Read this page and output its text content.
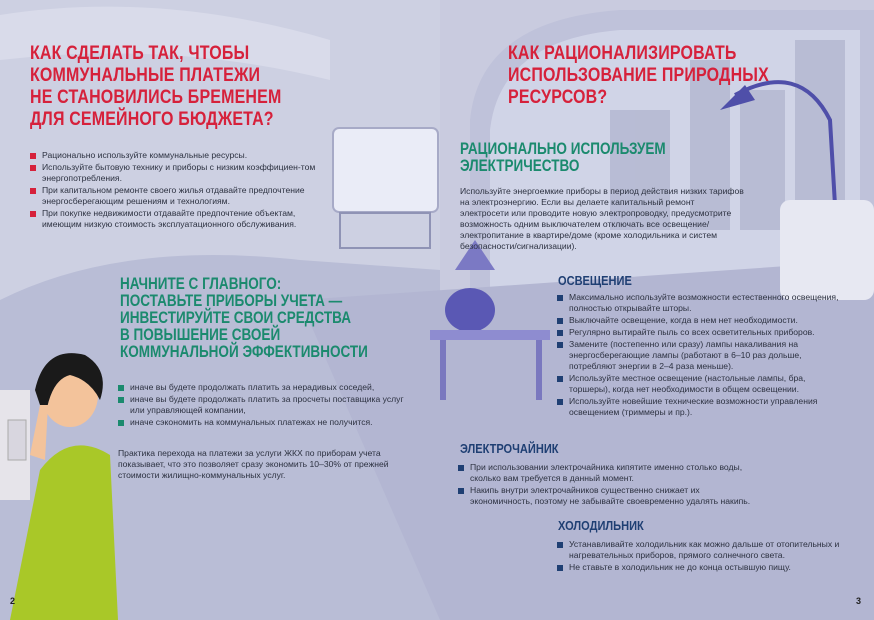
КАК СДЕЛАТЬ ТАК, ЧТОБЫ
КОММУНАЛЬНЫЕ ПЛАТЕЖИ
НЕ СТАНОВИЛИСЬ БРЕМЕНЕМ
ДЛЯ СЕМЕЙНОГО БЮДЖЕТА?
Рационально используйте коммунальные ресурсы.
Используйте бытовую технику и приборы с низким коэффициен-том энергопотребления.
При капитальном ремонте своего жилья отдавайте предпочтение энергосберегающим решениям и технологиям.
При покупке недвижимости отдавайте предпочтение объектам, имеющим низкую стоимость эксплуатационного обслуживания.
НАЧНИТЕ С ГЛАВНОГО:
ПОСТАВЬТЕ ПРИБОРЫ УЧЕТА —
ИНВЕСТИРУЙТЕ СВОИ СРЕДСТВА
В ПОВЫШЕНИЕ СВОЕЙ
КОММУНАЛЬНОЙ ЭФФЕКТИВНОСТИ
иначе вы будете продолжать платить за нерадивых соседей,
иначе вы будете продолжать платить за просчеты поставщика услуг или управляющей компании,
иначе сэкономить на коммунальных платежах не получится.
Практика перехода на платежи за услуги ЖКХ по приборам учета показывает, что это позволяет сразу экономить 10–30% от прежней стоимости жилищно-коммунальных услуг.
2
КАК РАЦИОНАЛИЗИРОВАТЬ
ИСПОЛЬЗОВАНИЕ ПРИРОДНЫХ
РЕСУРСОВ?
РАЦИОНАЛЬНО ИСПОЛЬЗУЕМ
ЭЛЕКТРИЧЕСТВО
Используйте энергоемкие приборы в период действия низких тарифов на электроэнергию. Если вы делаете капитальный ремонт электросети или проводите новую электропроводку, предусмотрите возможность одним выключателем отключать все освещение/электропитание в квартире/доме (кроме холодильника и систем безопасности/сигнализации).
ОСВЕЩЕНИЕ
Максимально используйте возможности естественного освещения, полностью открывайте шторы.
Выключайте освещение, когда в нем нет необходимости.
Регулярно вытирайте пыль со всех осветительных приборов.
Замените (постепенно или сразу) лампы накаливания на энергосберегающие лампы (работают в 6–10 раз дольше, потребляют энергии в 2–4 раза меньше).
Используйте местное освещение (настольные лампы, бра, торшеры), когда нет необходимости в общем освещении.
Используйте новейшие технические возможности управления освещением (триммеры и пр.).
ЭЛЕКТРОЧАЙНИК
При использовании электрочайника кипятите именно столько воды, сколько вам требуется в данный момент.
Накипь внутри электрочайников существенно снижает их экономичность, поэтому не забывайте своевременно удалять накипь.
ХОЛОДИЛЬНИК
Устанавливайте холодильник как можно дальше от отопительных и нагревательных приборов, прямого солнечного света.
Не ставьте в холодильник не до конца остывшую пищу.
3
